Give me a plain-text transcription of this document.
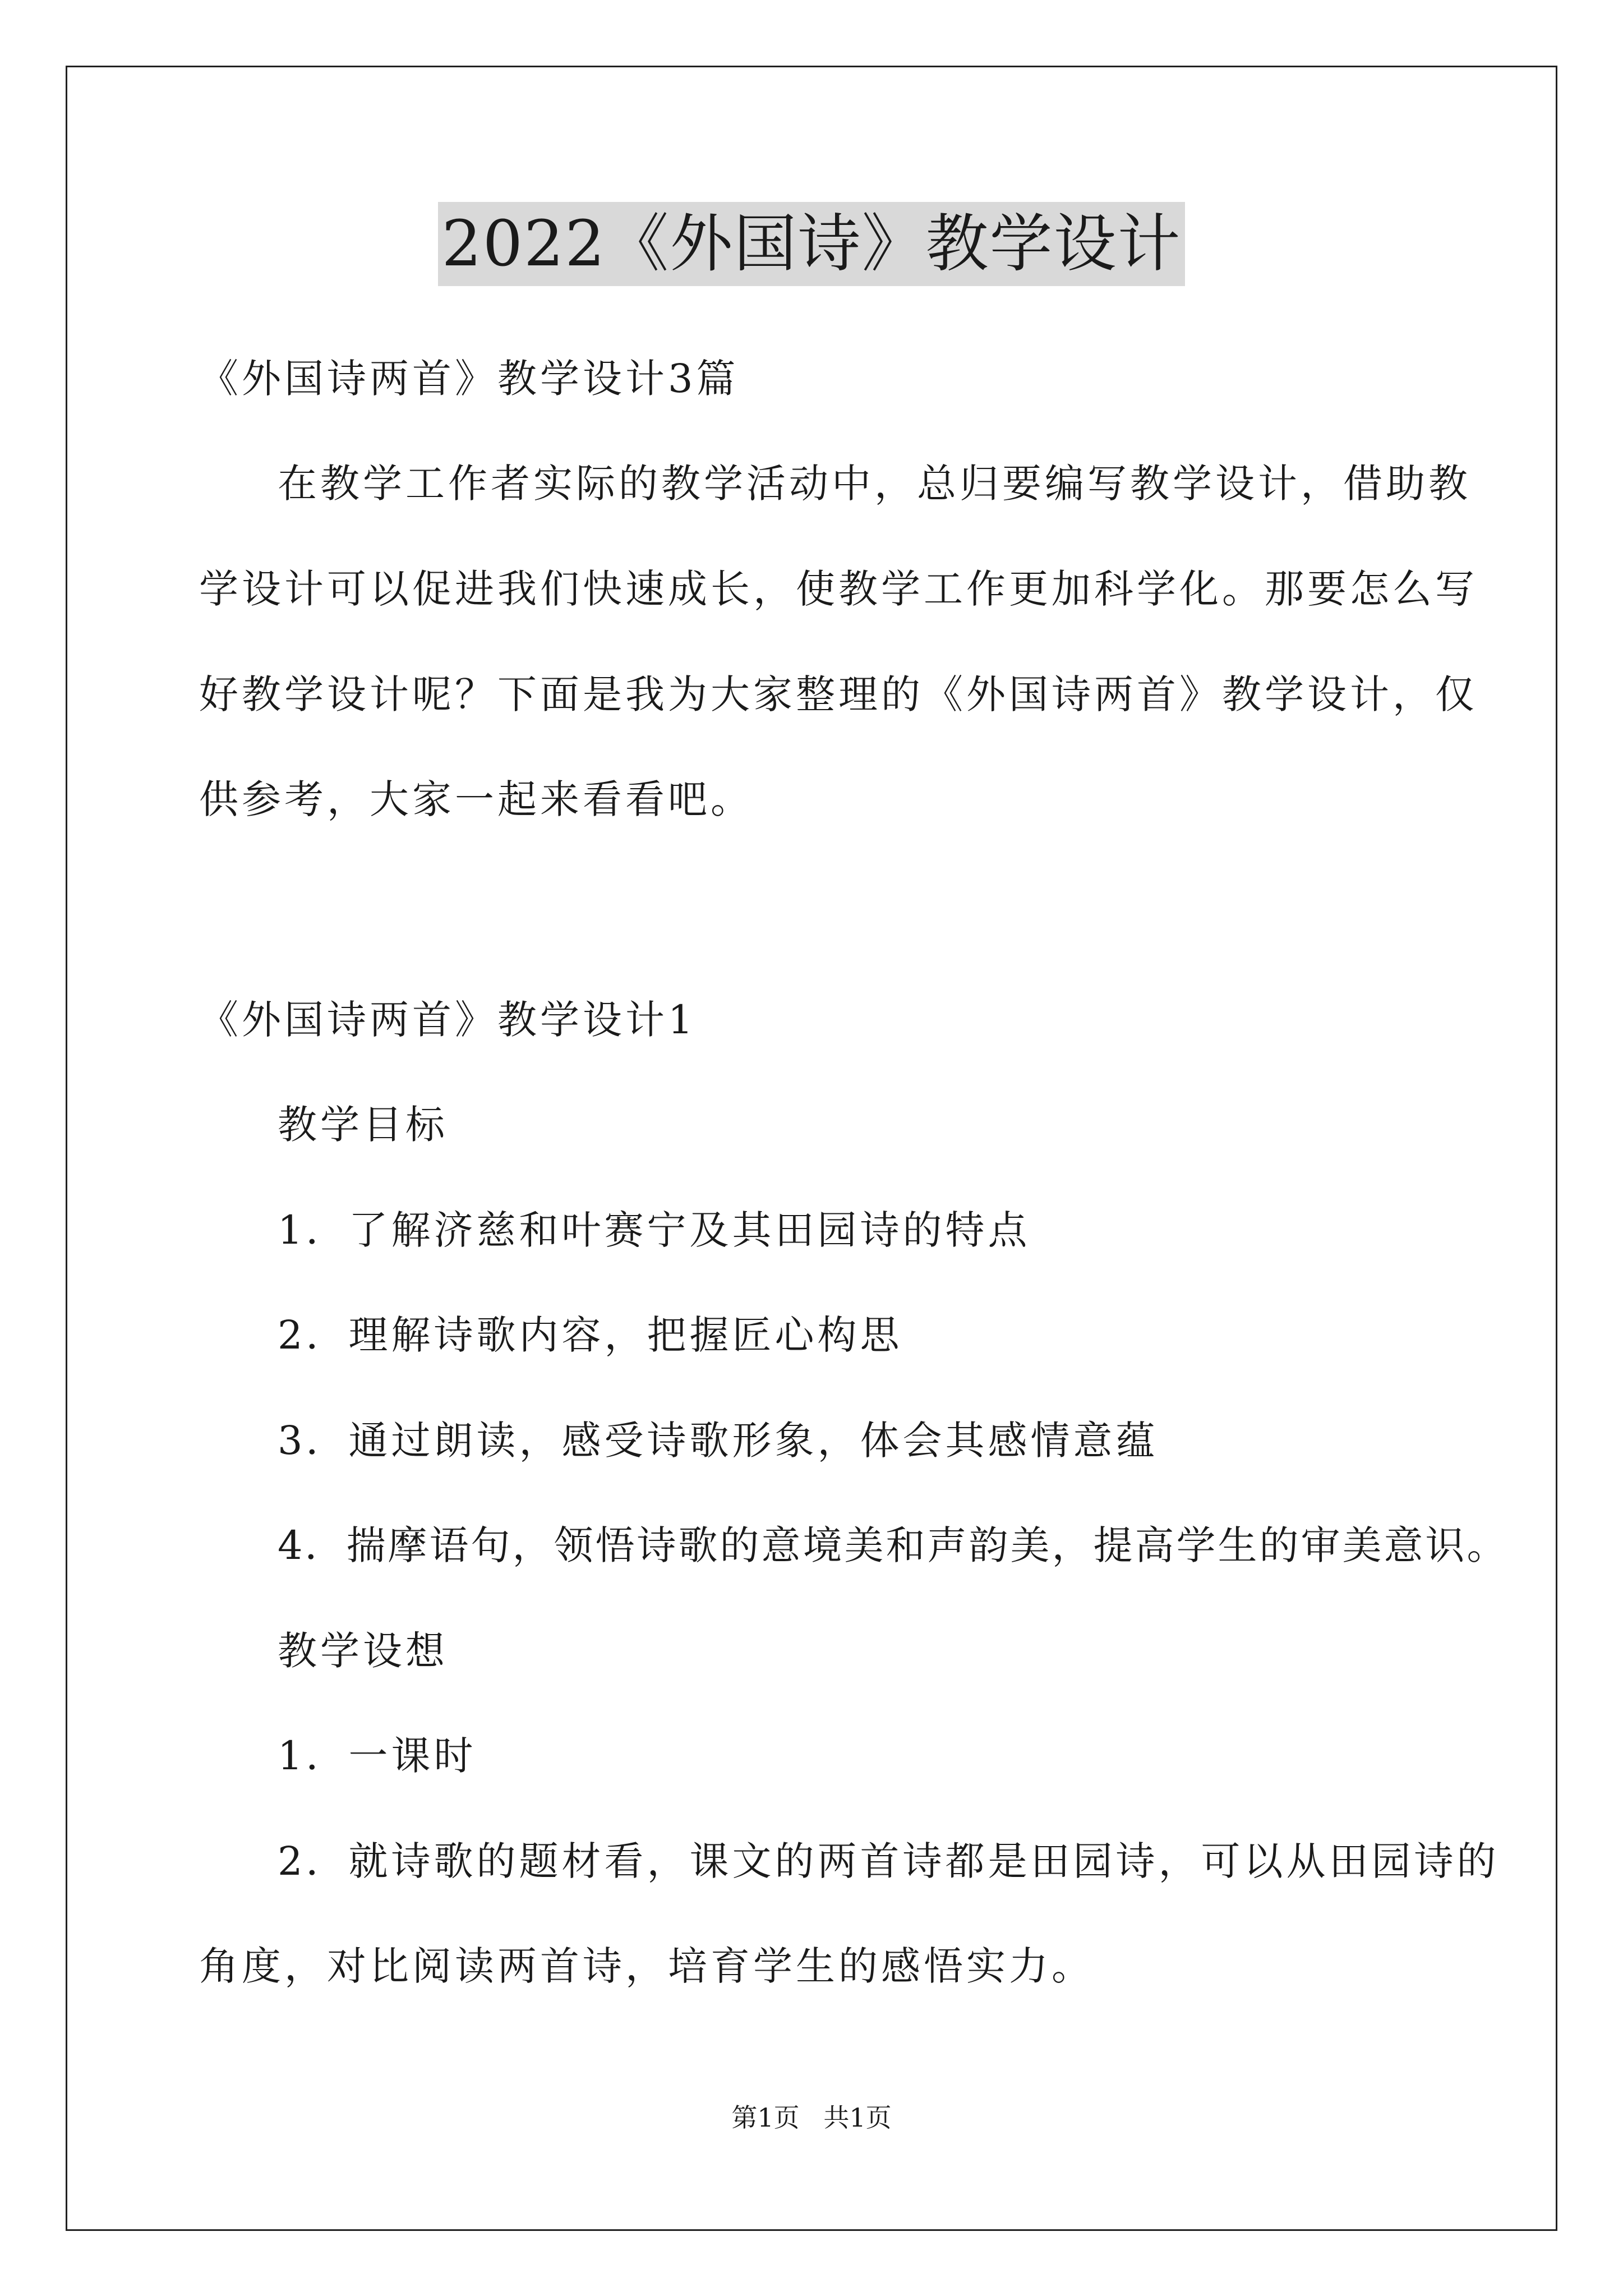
2022《外国诗》教学设计
《外国诗两首》教学设计3篇
在教学工作者实际的教学活动中，总归要编写教学设计，借助教
学设计可以促进我们快速成长，使教学工作更加科学化。那要怎么写
好教学设计呢？下面是我为大家整理的《外国诗两首》教学设计，仅
供参考，大家一起来看看吧。
《外国诗两首》教学设计1
教学目标
1．了解济慈和叶赛宁及其田园诗的特点
2．理解诗歌内容，把握匠心构思
3．通过朗读，感受诗歌形象，体会其感情意蕴
4．揣摩语句，领悟诗歌的意境美和声韵美，提高学生的审美意识。
教学设想
1．一课时
2．就诗歌的题材看，课文的两首诗都是田园诗，可以从田园诗的
角度，对比阅读两首诗，培育学生的感悟实力。
第1页 共1页
